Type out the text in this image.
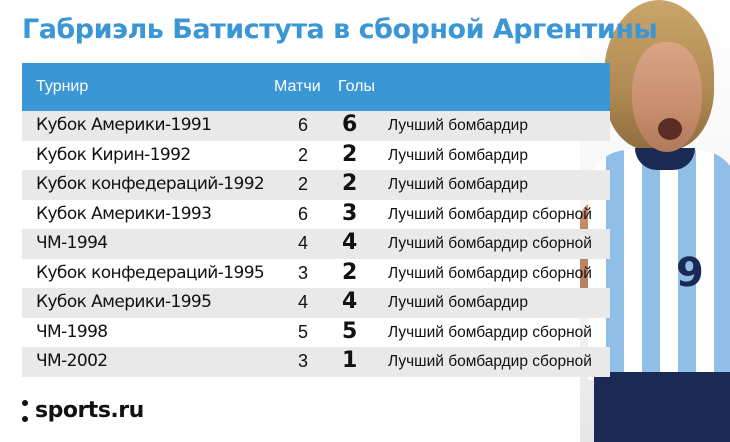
9
Габриэль Батистута в сборной Аргентины
Турнир	Матчи Голы
Кубок Америки-1991	6 6 Лучший бомбардир
Кубок Кирин-1992	2 2 Лучший бомбардир
Кубок конфедераций-1992 2 2 Лучший бомбардир
Кубок Америки-1993	6 3 Лучший бомбардир сборной
ЧМ-1994	4 4 Лучший бомбардир сборной
Кубок конфедераций-1995 3 2 Лучший бомбардир сборной
Кубок Америки-1995	4 4 Лучший бомбардир
ЧМ-1998	5 5 Лучший бомбардир сборной
ЧМ-2002	3 1 Лучший бомбардир сборной
sports.ru
